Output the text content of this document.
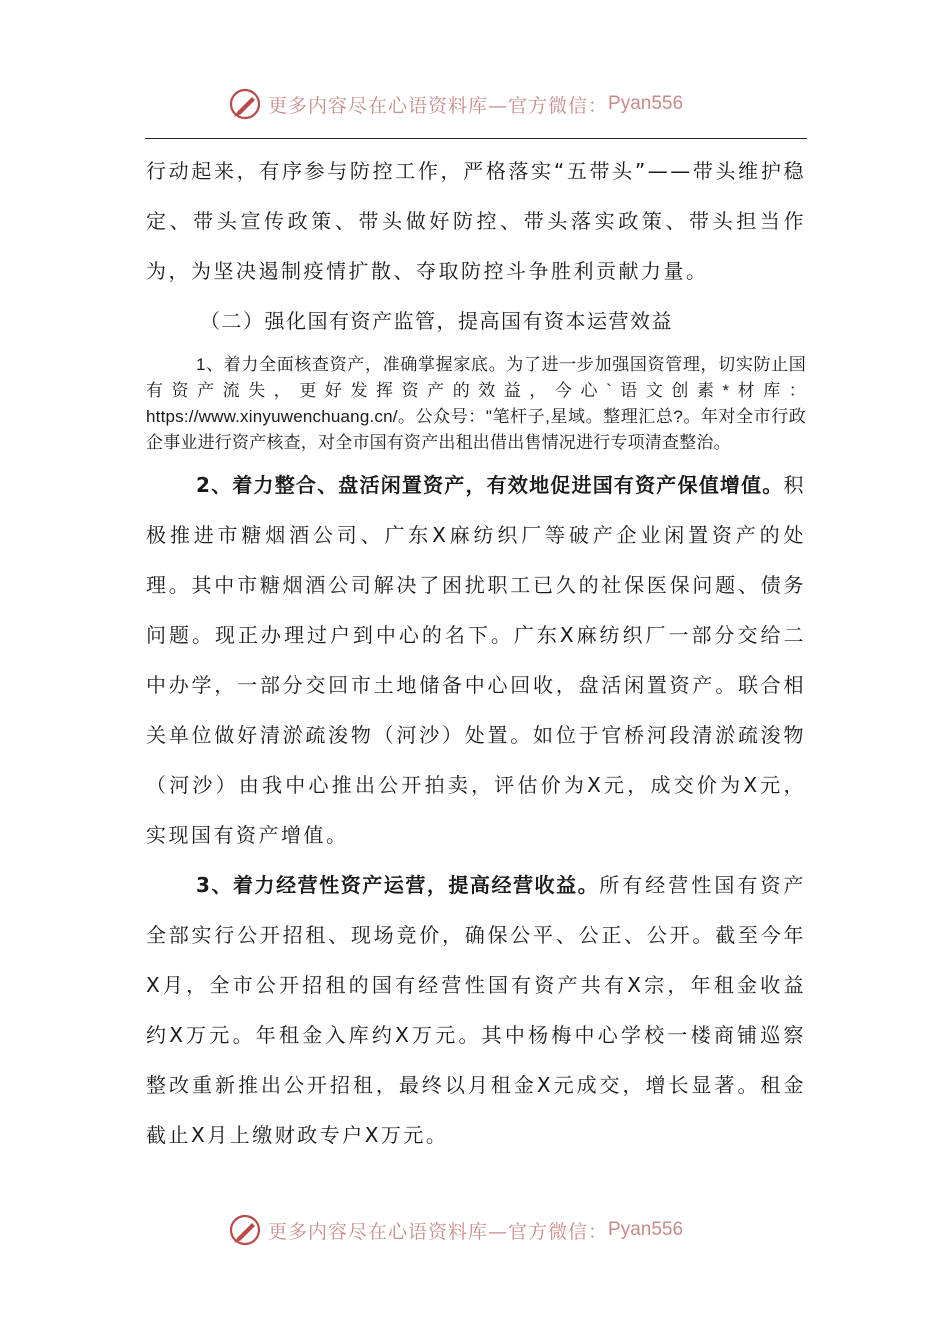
更多内容尽在心语资料库—官方微信： Pyan556

行动起来，有序参与防控工作，严格落实“五带头”——带头维护稳定、带头宣传政策、带头做好防控、带头落实政策、带头担当作为，为坚决遏制疫情扩散、夺取防控斗争胜利贡献力量。

（二）强化国有资产监管，提高国有资本运营效益

1、着力全面核查资产，准确掌握家底。为了进一步加强国资管理，切实防止国有资产流失，更好发挥资产的效益，今心`语文创素*材库：https://www.xinyuwenchuang.cn/。公众号："笔杆子,星域。整理汇总?。年对全市行政企事业进行资产核查，对全市国有资产出租出借出售情况进行专项清查整治。

2、着力整合、盘活闲置资产，有效地促进国有资产保值增值。积极推进市糖烟酒公司、广东X麻纺织厂等破产企业闲置资产的处理。其中市糖烟酒公司解决了困扰职工已久的社保医保问题、债务问题。现正办理过户到中心的名下。广东X麻纺织厂一部分交给二中办学，一部分交回市土地储备中心回收，盘活闲置资产。联合相关单位做好清淤疏浚物（河沙）处置。如位于官桥河段清淤疏浚物（河沙）由我中心推出公开拍卖，评估价为X元，成交价为X元，实现国有资产增值。

3、着力经营性资产运营，提高经营收益。所有经营性国有资产全部实行公开招租、现场竞价，确保公平、公正、公开。截至今年X月，全市公开招租的国有经营性国有资产共有X宗，年租金收益约X万元。年租金入库约X万元。其中杨梅中心学校一楼商铺巡察整改重新推出公开招租，最终以月租金X元成交，增长显著。租金截止X月上缴财政专户X万元。

更多内容尽在心语资料库—官方微信： Pyan556
